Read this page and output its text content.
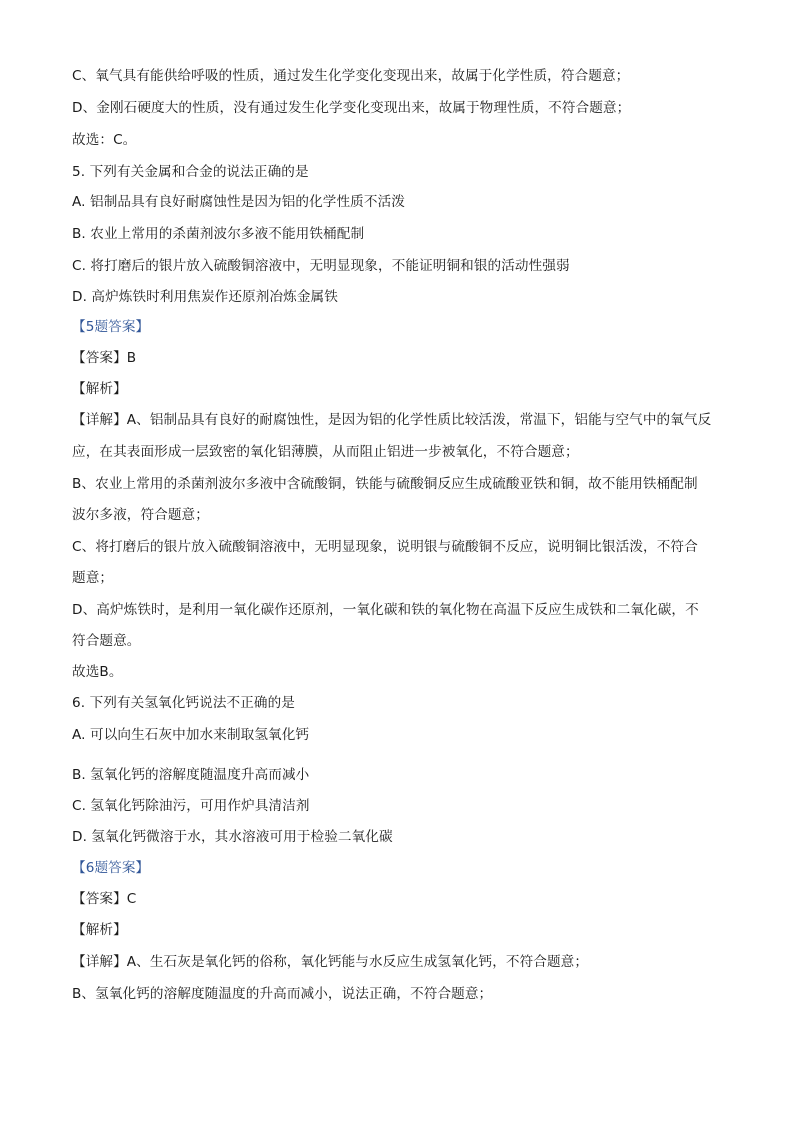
C、氧气具有能供给呼吸的性质，通过发生化学变化变现出来，故属于化学性质，符合题意；
D、金刚石硬度大的性质，没有通过发生化学变化变现出来，故属于物理性质，不符合题意；
故选：C。
5. 下列有关金属和合金的说法正确的是
A. 铝制品具有良好耐腐蚀性是因为铝的化学性质不活泼
B. 农业上常用的杀菌剂波尔多液不能用铁桶配制
C. 将打磨后的银片放入硫酸铜溶液中，无明显现象，不能证明铜和银的活动性强弱
D. 高炉炼铁时利用焦炭作还原剂冶炼金属铁
【5题答案】
【答案】B
【解析】
【详解】A、铝制品具有良好的耐腐蚀性，是因为铝的化学性质比较活泼，常温下，铝能与空气中的氧气反
应，在其表面形成一层致密的氧化铝薄膜，从而阻止铝进一步被氧化，不符合题意；
B、农业上常用的杀菌剂波尔多液中含硫酸铜，铁能与硫酸铜反应生成硫酸亚铁和铜，故不能用铁桶配制
波尔多液，符合题意；
C、将打磨后的银片放入硫酸铜溶液中，无明显现象，说明银与硫酸铜不反应，说明铜比银活泼，不符合
题意；
D、高炉炼铁时，是利用一氧化碳作还原剂，一氧化碳和铁的氧化物在高温下反应生成铁和二氧化碳，不
符合题意。
故选B。
6. 下列有关氢氧化钙说法不正确的是
A. 可以向生石灰中加水来制取氢氧化钙
B. 氢氧化钙的溶解度随温度升高而减小
C. 氢氧化钙除油污，可用作炉具清洁剂
D. 氢氧化钙微溶于水，其水溶液可用于检验二氧化碳
【6题答案】
【答案】C
【解析】
【详解】A、生石灰是氧化钙的俗称，氧化钙能与水反应生成氢氧化钙，不符合题意；
B、氢氧化钙的溶解度随温度的升高而减小，说法正确，不符合题意；
